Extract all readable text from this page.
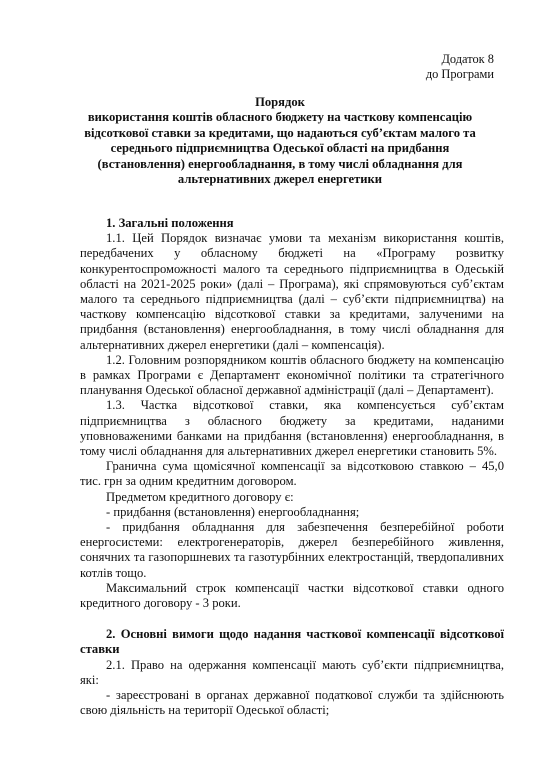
Додаток 8
до Програми
Порядок
використання коштів обласного бюджету на часткову компенсацію
відсоткової ставки за кредитами, що надаються суб’єктам малого та
середнього підприємництва Одеської області на придбання
(встановлення) енергообладнання, в тому числі обладнання для
альтернативних джерел енергетики

1. Загальні положення

1.1. Цей Порядок визначає умови та механізм використання коштів, передбачених у обласному бюджеті на «Програму розвитку конкурентоспроможності малого та середнього підприємництва в Одеській області на 2021-2025 роки» (далі – Програма), які спрямовуються суб’єктам малого та середнього підприємництва (далі – суб’єкти підприємництва) на часткову компенсацію відсоткової ставки за кредитами, залученими на придбання (встановлення) енергообладнання, в тому числі обладнання для альтернативних джерел енергетики (далі – компенсація).

1.2. Головним розпорядником коштів обласного бюджету на компенсацію в рамках Програми є Департамент економічної політики та стратегічного планування Одеської обласної державної адміністрації (далі – Департамент).

1.3. Частка відсоткової ставки, яка компенсується суб’єктам підприємництва з обласного бюджету за кредитами, наданими уповноваженими банками на придбання (встановлення) енергообладнання, в тому числі обладнання для альтернативних джерел енергетики становить 5%.

Гранична сума щомісячної компенсації за відсотковою ставкою – 45,0 тис. грн за одним кредитним договором.

Предметом кредитного договору є:

- придбання (встановлення) енергообладнання;

- придбання обладнання для забезпечення безперебійної роботи енергосистеми: електрогенераторів, джерел безперебійного живлення, сонячних та газопоршневих та газотурбінних електростанцій, твердопаливних котлів тощо.

Максимальний строк компенсації частки відсоткової ставки одного кредитного договору - 3 роки.

2. Основні вимоги щодо надання часткової компенсації відсоткової ставки

2.1. Право на одержання компенсації мають суб’єкти підприємництва, які:

- зареєстровані в органах державної податкової служби та здійснюють свою діяльність на території Одеської області;
